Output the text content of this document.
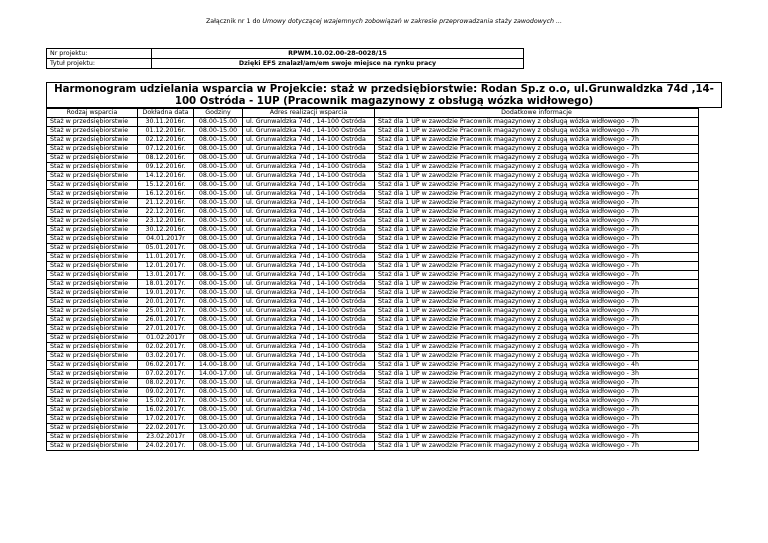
Załącznik nr 1 do Umowy dotyczącej wzajemnych zobowiązań w zakresie przeprowadzania staży zawodowych ...
Nr projektu:	RPWM.10.02.00-28-0028/15
Tytuł projektu:	Dzięki EFS znalazł/am/em swoje miejsce na rynku pracy
Harmonogram udzielania wsparcia w Projekcie: staż w przedsiębiorstwie: Rodan Sp.z o.o, ul.Grunwaldzka 74d ,14-100 Ostróda - 1UP (Pracownik magazynowy z obsługą wózka widłowego)
Rodzaj wsparcia	Dokładna data	Godziny	Adres realizacji wsparcia	Dodatkowe informacje
Staż w przedsiębiorstwie	30.11.2016r.	08.00-15.00	ul. Grunwaldzka 74d , 14-100 Ostróda	Staż dla 1 UP w zawodzie Pracownik magazynowy z obsługą wózka widłowego - 7h
Staż w przedsiębiorstwie	01.12.2016r.	08.00-15.00	ul. Grunwaldzka 74d , 14-100 Ostróda	Staż dla 1 UP w zawodzie Pracownik magazynowy z obsługą wózka widłowego - 7h
Staż w przedsiębiorstwie	02.12.2016r.	08.00-15.00	ul. Grunwaldzka 74d , 14-100 Ostróda	Staż dla 1 UP w zawodzie Pracownik magazynowy z obsługą wózka widłowego - 7h
Staż w przedsiębiorstwie	07.12.2016r.	08.00-15.00	ul. Grunwaldzka 74d , 14-100 Ostróda	Staż dla 1 UP w zawodzie Pracownik magazynowy z obsługą wózka widłowego - 7h
Staż w przedsiębiorstwie	08.12.2016r.	08.00-15.00	ul. Grunwaldzka 74d , 14-100 Ostróda	Staż dla 1 UP w zawodzie Pracownik magazynowy z obsługą wózka widłowego - 7h
Staż w przedsiębiorstwie	09.12.2016r.	08.00-15.00	ul. Grunwaldzka 74d , 14-100 Ostróda	Staż dla 1 UP w zawodzie Pracownik magazynowy z obsługą wózka widłowego - 7h
Staż w przedsiębiorstwie	14.12.2016r.	08.00-15.00	ul. Grunwaldzka 74d , 14-100 Ostróda	Staż dla 1 UP w zawodzie Pracownik magazynowy z obsługą wózka widłowego - 7h
Staż w przedsiębiorstwie	15.12.2016r.	08.00-15.00	ul. Grunwaldzka 74d , 14-100 Ostróda	Staż dla 1 UP w zawodzie Pracownik magazynowy z obsługą wózka widłowego - 7h
Staż w przedsiębiorstwie	16.12.2016r.	08.00-15.00	ul. Grunwaldzka 74d , 14-100 Ostróda	Staż dla 1 UP w zawodzie Pracownik magazynowy z obsługą wózka widłowego - 7h
Staż w przedsiębiorstwie	21.12.2016r.	08.00-15.00	ul. Grunwaldzka 74d , 14-100 Ostróda	Staż dla 1 UP w zawodzie Pracownik magazynowy z obsługą wózka widłowego - 7h
Staż w przedsiębiorstwie	22.12.2016r.	08.00-15.00	ul. Grunwaldzka 74d , 14-100 Ostróda	Staż dla 1 UP w zawodzie Pracownik magazynowy z obsługą wózka widłowego - 7h
Staż w przedsiębiorstwie	23.12.2016r.	08.00-15.00	ul. Grunwaldzka 74d , 14-100 Ostróda	Staż dla 1 UP w zawodzie Pracownik magazynowy z obsługą wózka widłowego - 7h
Staż w przedsiębiorstwie	30.12.2016r.	08.00-15.00	ul. Grunwaldzka 74d , 14-100 Ostróda	Staż dla 1 UP w zawodzie Pracownik magazynowy z obsługą wózka widłowego - 7h
Staż w przedsiębiorstwie	04.01.2017r	08.00-15.00	ul. Grunwaldzka 74d , 14-100 Ostróda	Staż dla 1 UP w zawodzie Pracownik magazynowy z obsługą wózka widłowego - 7h
Staż w przedsiębiorstwie	05.01.2017r.	08.00-15.00	ul. Grunwaldzka 74d , 14-100 Ostróda	Staż dla 1 UP w zawodzie Pracownik magazynowy z obsługą wózka widłowego - 7h
Staż w przedsiębiorstwie	11.01.2017r.	08.00-15.00	ul. Grunwaldzka 74d , 14-100 Ostróda	Staż dla 1 UP w zawodzie Pracownik magazynowy z obsługą wózka widłowego - 7h
Staż w przedsiębiorstwie	12.01.2017r.	08.00-15.00	ul. Grunwaldzka 74d , 14-100 Ostróda	Staż dla 1 UP w zawodzie Pracownik magazynowy z obsługą wózka widłowego - 7h
Staż w przedsiębiorstwie	13.01.2017r.	08.00-15.00	ul. Grunwaldzka 74d , 14-100 Ostróda	Staż dla 1 UP w zawodzie Pracownik magazynowy z obsługą wózka widłowego - 7h
Staż w przedsiębiorstwie	18.01.2017r.	08.00-15.00	ul. Grunwaldzka 74d , 14-100 Ostróda	Staż dla 1 UP w zawodzie Pracownik magazynowy z obsługą wózka widłowego - 7h
Staż w przedsiębiorstwie	19.01.2017r.	08.00-15.00	ul. Grunwaldzka 74d , 14-100 Ostróda	Staż dla 1 UP w zawodzie Pracownik magazynowy z obsługą wózka widłowego - 7h
Staż w przedsiębiorstwie	20.01.2017r.	08.00-15.00	ul. Grunwaldzka 74d , 14-100 Ostróda	Staż dla 1 UP w zawodzie Pracownik magazynowy z obsługą wózka widłowego - 7h
Staż w przedsiębiorstwie	25.01.2017r.	08.00-15.00	ul. Grunwaldzka 74d , 14-100 Ostróda	Staż dla 1 UP w zawodzie Pracownik magazynowy z obsługą wózka widłowego - 7h
Staż w przedsiębiorstwie	26.01.2017r.	08.00-15.00	ul. Grunwaldzka 74d , 14-100 Ostróda	Staż dla 1 UP w zawodzie Pracownik magazynowy z obsługą wózka widłowego - 7h
Staż w przedsiębiorstwie	27.01.2017r.	08.00-15.00	ul. Grunwaldzka 74d , 14-100 Ostróda	Staż dla 1 UP w zawodzie Pracownik magazynowy z obsługą wózka widłowego - 7h
Staż w przedsiębiorstwie	01.02.2017r	08.00-15.00	ul. Grunwaldzka 74d , 14-100 Ostróda	Staż dla 1 UP w zawodzie Pracownik magazynowy z obsługą wózka widłowego - 7h
Staż w przedsiębiorstwie	02.02.2017r.	08.00-15.00	ul. Grunwaldzka 74d , 14-100 Ostróda	Staż dla 1 UP w zawodzie Pracownik magazynowy z obsługą wózka widłowego - 7h
Staż w przedsiębiorstwie	03.02.2017r.	08.00-15.00	ul. Grunwaldzka 74d , 14-100 Ostróda	Staż dla 1 UP w zawodzie Pracownik magazynowy z obsługą wózka widłowego - 7h
Staż w przedsiębiorstwie	06.02.2017r.	14.00-18.00	ul. Grunwaldzka 74d , 14-100 Ostróda	Staż dla 1 UP w zawodzie Pracownik magazynowy z obsługą wózka widłowego - 4h
Staż w przedsiębiorstwie	07.02.2017r.	14.00-17.00	ul. Grunwaldzka 74d , 14-100 Ostróda	Staż dla 1 UP w zawodzie Pracownik magazynowy z obsługą wózka widłowego - 3h
Staż w przedsiębiorstwie	08.02.2017r.	08.00-15.00	ul. Grunwaldzka 74d , 14-100 Ostróda	Staż dla 1 UP w zawodzie Pracownik magazynowy z obsługą wózka widłowego - 7h
Staż w przedsiębiorstwie	09.02.2017r.	08.00-15.00	ul. Grunwaldzka 74d , 14-100 Ostróda	Staż dla 1 UP w zawodzie Pracownik magazynowy z obsługą wózka widłowego - 7h
Staż w przedsiębiorstwie	15.02.2017r.	08.00-15.00	ul. Grunwaldzka 74d , 14-100 Ostróda	Staż dla 1 UP w zawodzie Pracownik magazynowy z obsługą wózka widłowego - 7h
Staż w przedsiębiorstwie	16.02.2017r.	08.00-15.00	ul. Grunwaldzka 74d , 14-100 Ostróda	Staż dla 1 UP w zawodzie Pracownik magazynowy z obsługą wózka widłowego - 7h
Staż w przedsiębiorstwie	17.02.2017r.	08.00-15.00	ul. Grunwaldzka 74d , 14-100 Ostróda	Staż dla 1 UP w zawodzie Pracownik magazynowy z obsługą wózka widłowego - 7h
Staż w przedsiębiorstwie	22.02.2017r.	13.00-20.00	ul. Grunwaldzka 74d , 14-100 Ostróda	Staż dla 1 UP w zawodzie Pracownik magazynowy z obsługą wózka widłowego - 7h
Staż w przedsiębiorstwie	23.02.2017r	08.00-15.00	ul. Grunwaldzka 74d , 14-100 Ostróda	Staż dla 1 UP w zawodzie Pracownik magazynowy z obsługą wózka widłowego - 7h
Staż w przedsiębiorstwie	24.02.2017r.	08.00-15.00	ul. Grunwaldzka 74d , 14-100 Ostróda	Staż dla 1 UP w zawodzie Pracownik magazynowy z obsługą wózka widłowego - 7h
